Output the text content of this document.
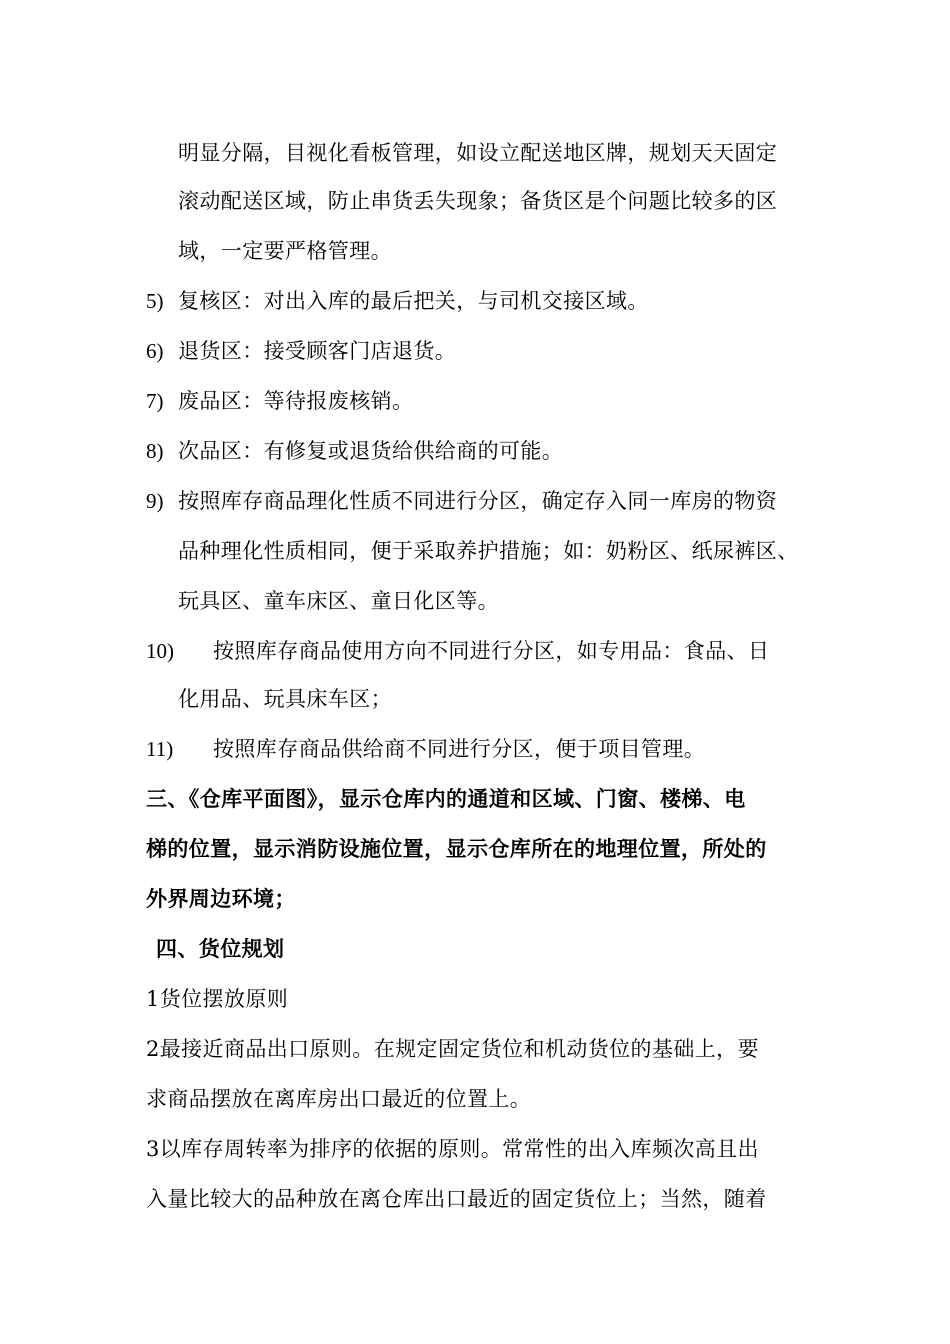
明显分隔，目视化看板管理，如设立配送地区牌，规划天天固定
滚动配送区域，防止串货丢失现象；备货区是个问题比较多的区
域，一定要严格管理。
5) 复核区：对出入库的最后把关，与司机交接区域。
6) 退货区：接受顾客门店退货。
7) 废品区：等待报废核销。
8) 次品区：有修复或退货给供给商的可能。
9) 按照库存商品理化性质不同进行分区，确定存入同一库房的物资
品种理化性质相同，便于采取养护措施；如：奶粉区、纸尿裤区、
玩具区、童车床区、童日化区等。
10) 按照库存商品使用方向不同进行分区，如专用品：食品、日
化用品、玩具床车区；
11) 按照库存商品供给商不同进行分区，便于项目管理。
三、《仓库平面图》，显示仓库内的通道和区域、门窗、楼梯、电
梯的位置，显示消防设施位置，显示仓库所在的地理位置，所处的
外界周边环境；
四、货位规划
1货位摆放原则
2最接近商品出口原则。在规定固定货位和机动货位的基础上，要
求商品摆放在离库房出口最近的位置上。
3以库存周转率为排序的依据的原则。常常性的出入库频次高且出
入量比较大的品种放在离仓库出口最近的固定货位上；当然，随着
